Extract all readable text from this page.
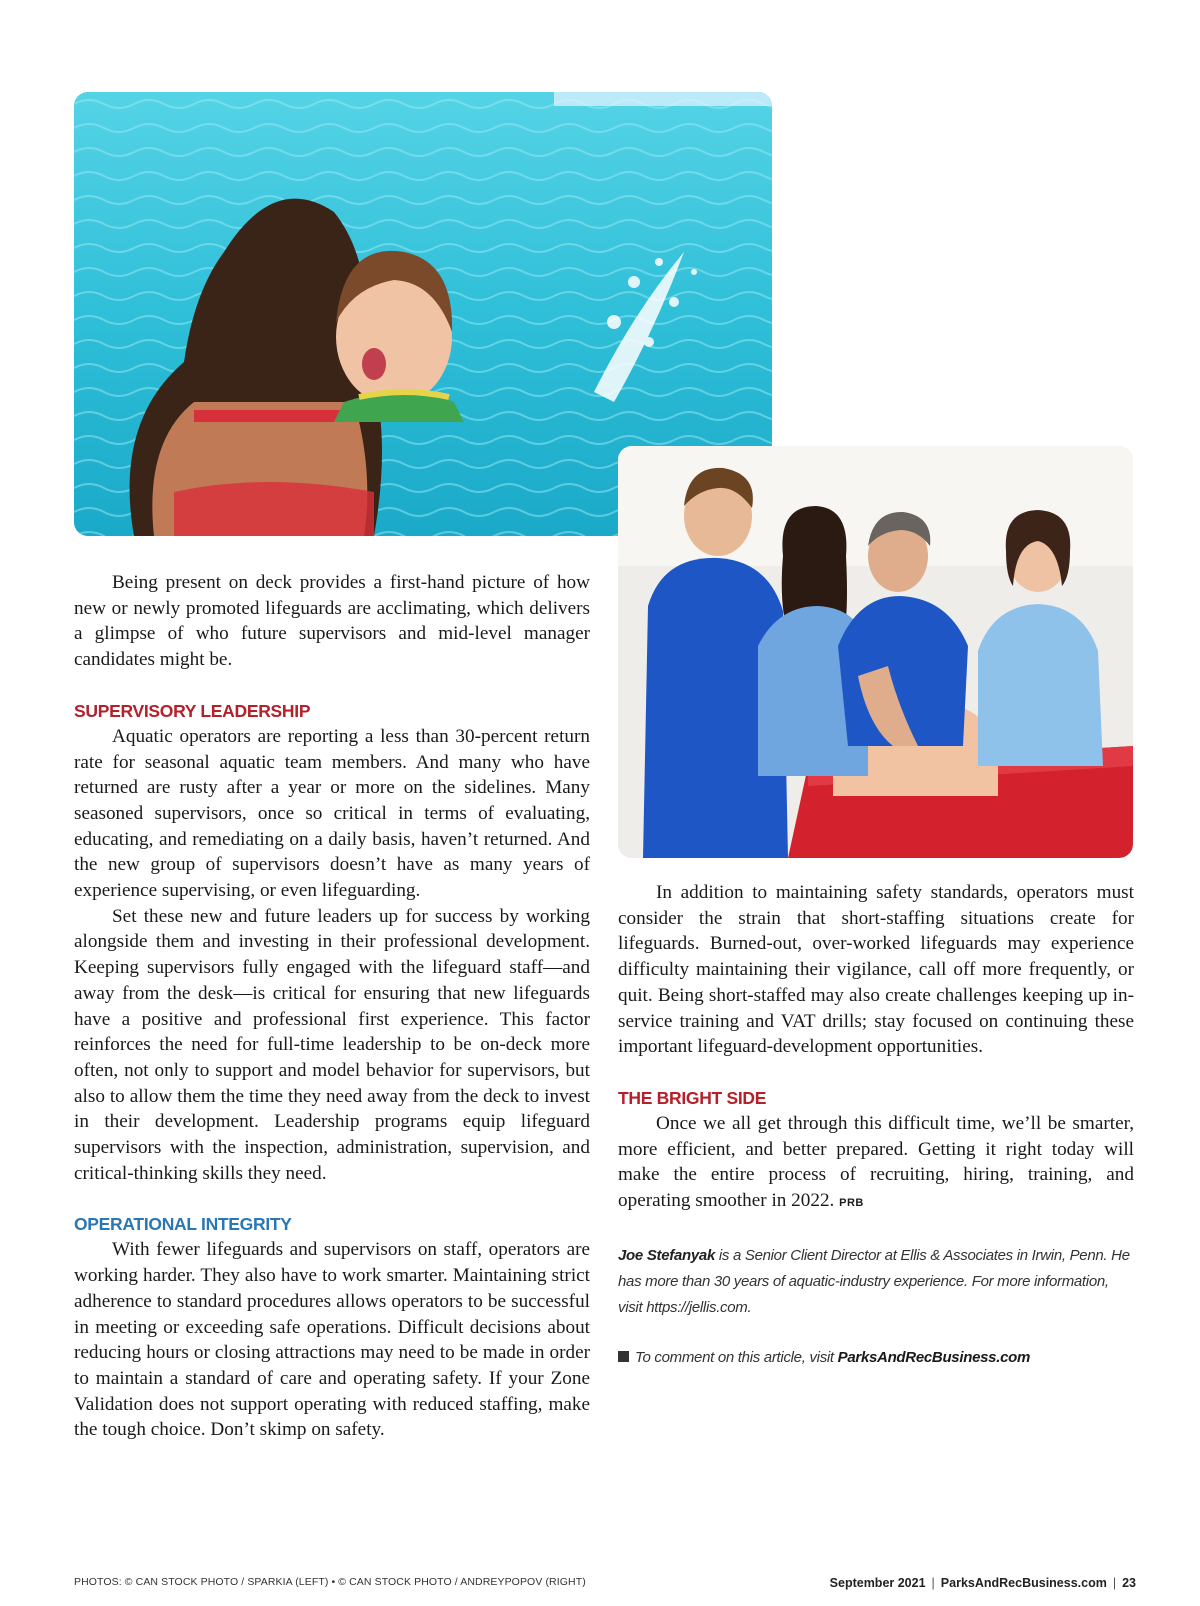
Being present on deck provides a first-hand picture of how new or newly promoted lifeguards are acclimating, which delivers a glimpse of who future supervisors and mid-level manager candidates might be.

SUPERVISORY LEADERSHIP

Aquatic operators are reporting a less than 30-percent return rate for seasonal aquatic team members. And many who have returned are rusty after a year or more on the sidelines. Many seasoned supervisors, once so critical in terms of evaluating, educating, and remediating on a daily basis, haven’t returned. And the new group of supervisors doesn’t have as many years of experience supervising, or even lifeguarding.

Set these new and future leaders up for success by working alongside them and investing in their professional development. Keeping supervisors fully engaged with the lifeguard staff—and away from the desk—is critical for ensuring that new lifeguards have a positive and professional first experience. This factor reinforces the need for full-time leadership to be on-deck more often, not only to support and model behavior for supervisors, but also to allow them the time they need away from the deck to invest in their development. Leadership programs equip lifeguard supervisors with the inspection, administration, supervision, and critical-thinking skills they need.

OPERATIONAL INTEGRITY

With fewer lifeguards and supervisors on staff, operators are working harder. They also have to work smarter. Maintaining strict adherence to standard procedures allows operators to be successful in meeting or exceeding safe operations. Difficult decisions about reducing hours or closing attractions may need to be made in order to maintain a standard of care and operating safety. If your Zone Validation does not support operating with reduced staffing, make the tough choice. Don’t skimp on safety.

In addition to maintaining safety standards, operators must consider the strain that short-staffing situations create for lifeguards. Burned-out, over-worked lifeguards may experience difficulty maintaining their vigilance, call off more frequently, or quit. Being short-staffed may also create challenges keeping up in-service training and VAT drills; stay focused on continuing these important lifeguard-development opportunities.

THE BRIGHT SIDE

Once we all get through this difficult time, we’ll be smarter, more efficient, and better prepared. Getting it right today will make the entire process of recruiting, hiring, training, and operating smoother in 2022. PRB

Joe Stefanyak is a Senior Client Director at Ellis & Associates in Irwin, Penn. He has more than 30 years of aquatic-industry experience. For more information, visit https://jellis.com.
To comment on this article, visit ParksAndRecBusiness.com
PHOTOS: © CAN STOCK PHOTO / SPARKIA (LEFT) • © CAN STOCK PHOTO / ANDREYPOPOV (RIGHT)	September 2021 | ParksAndRecBusiness.com | 23
